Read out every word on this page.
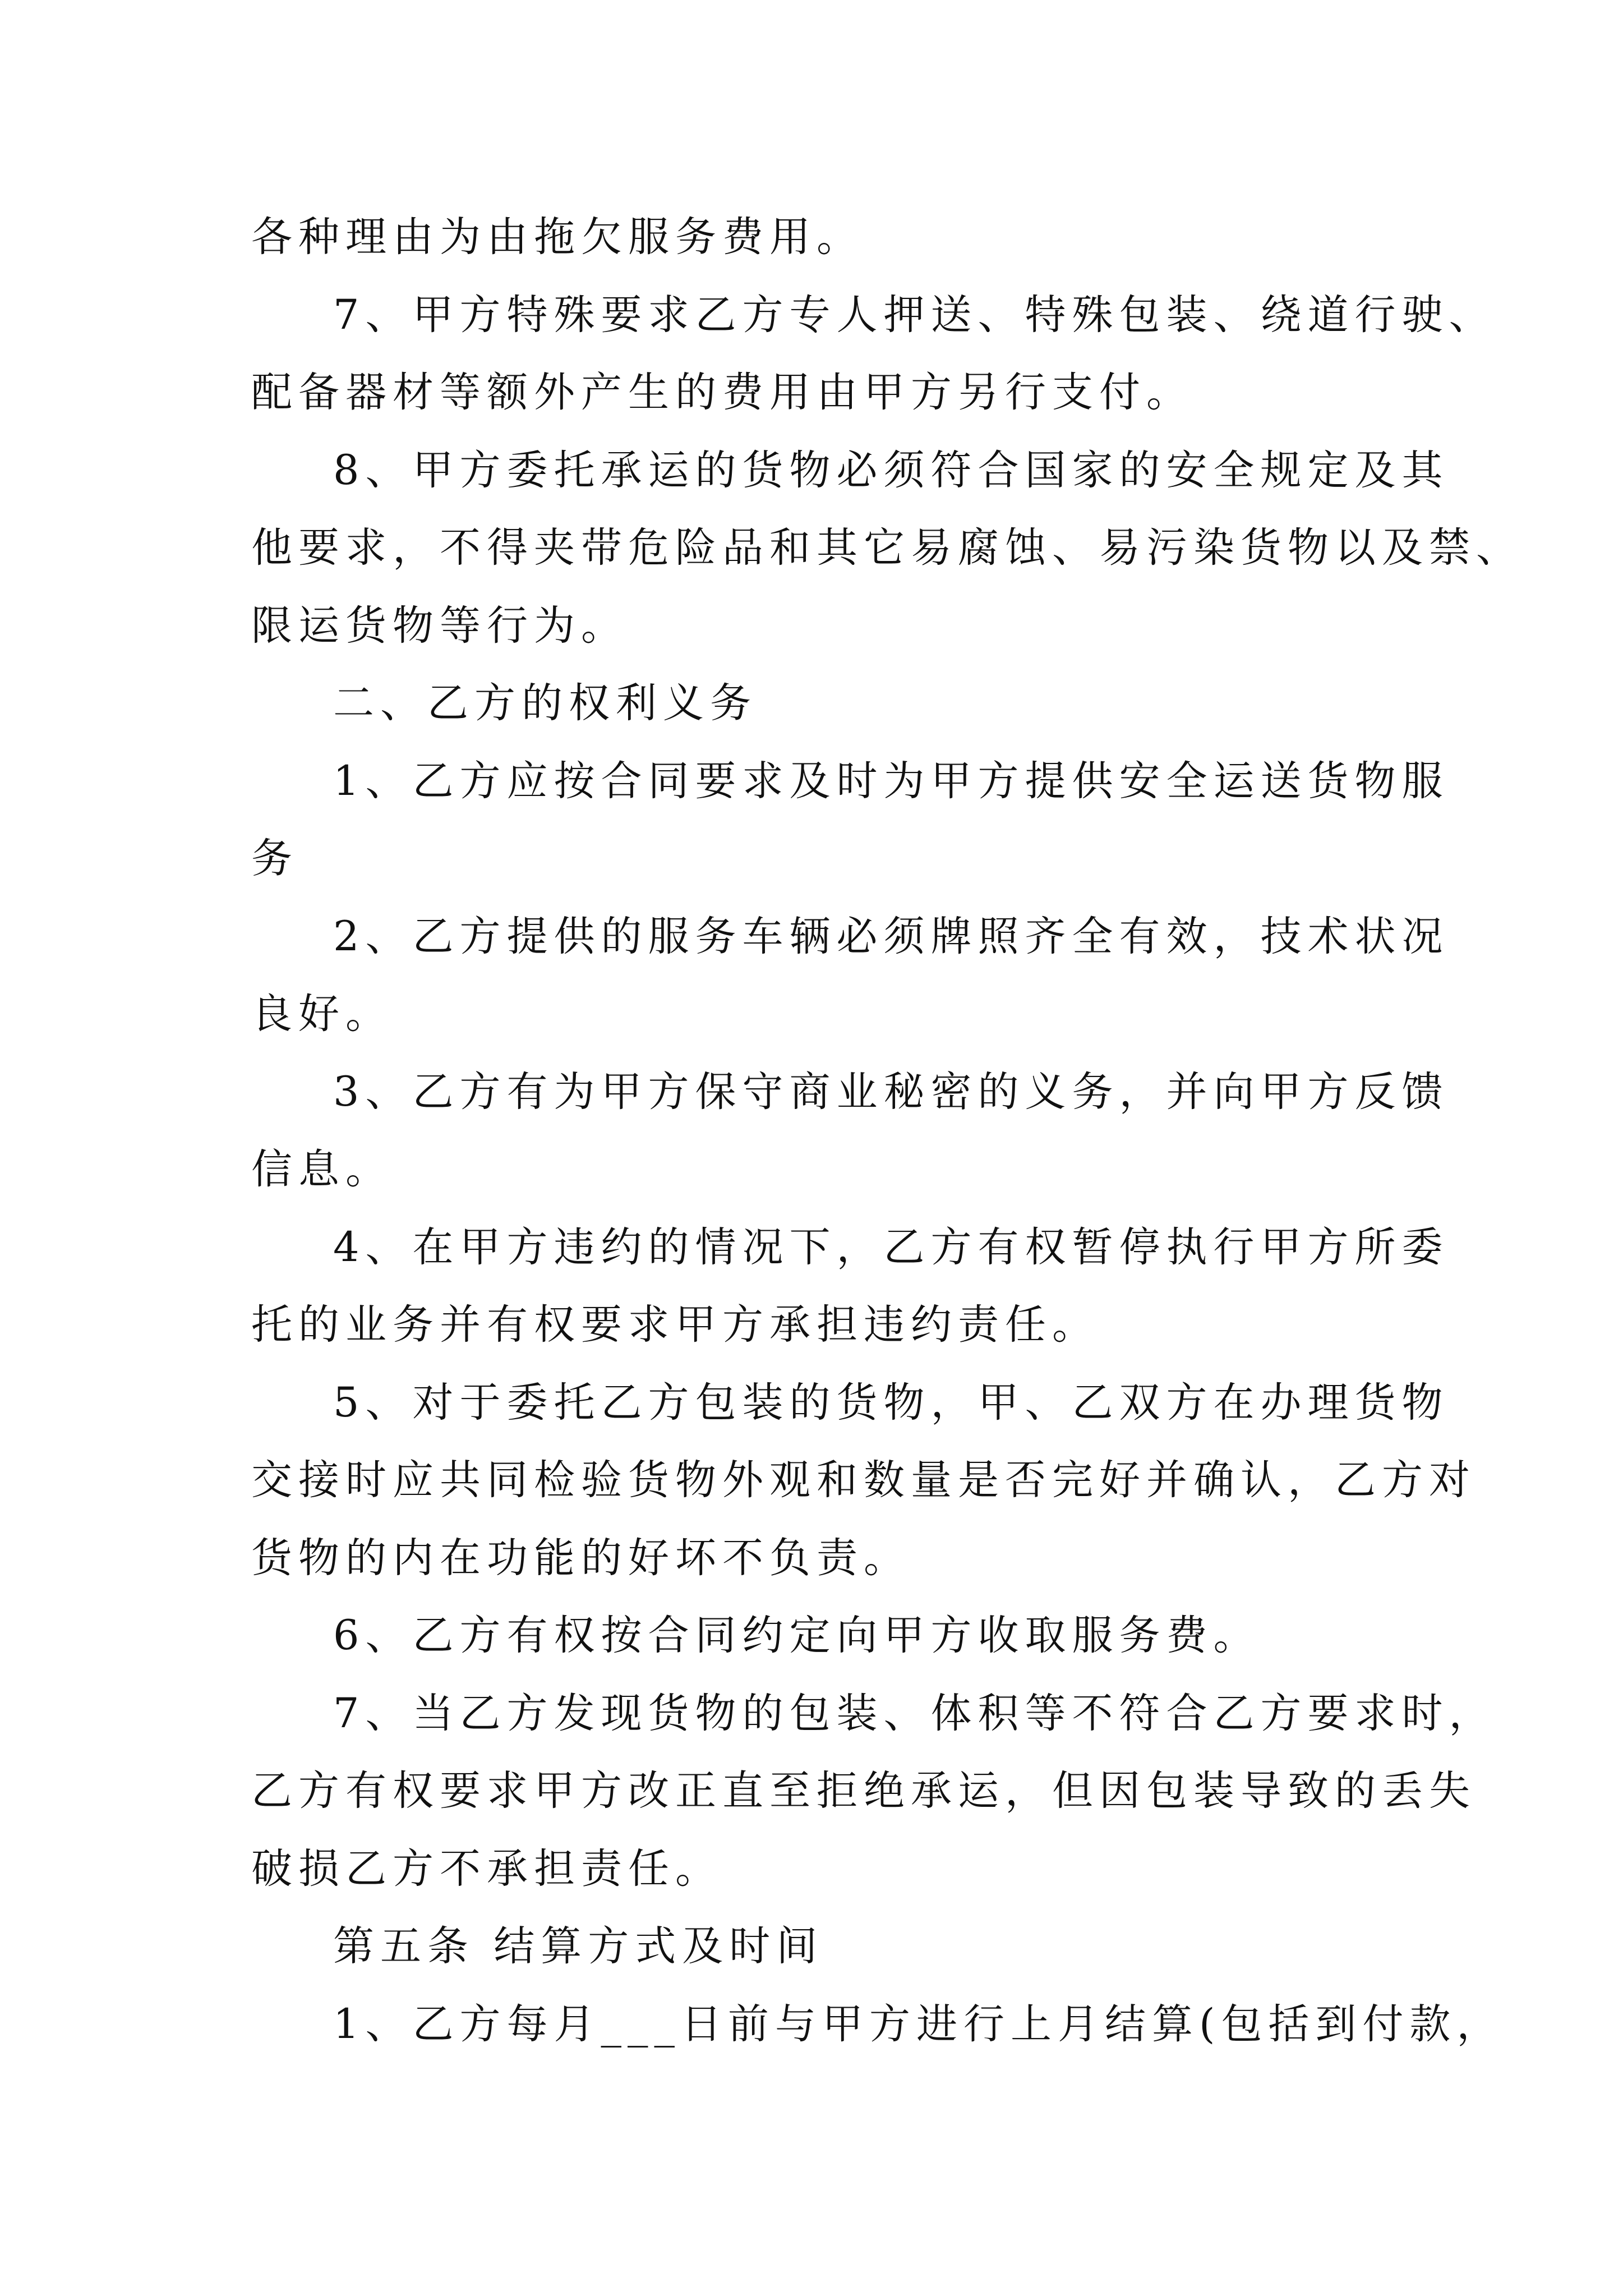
各种理由为由拖欠服务费用。
7、甲方特殊要求乙方专人押送、特殊包装、绕道行驶、
配备器材等额外产生的费用由甲方另行支付。
8、甲方委托承运的货物必须符合国家的安全规定及其
他要求，不得夹带危险品和其它易腐蚀、易污染货物以及禁、
限运货物等行为。
二、乙方的权利义务
1、乙方应按合同要求及时为甲方提供安全运送货物服
务
2、乙方提供的服务车辆必须牌照齐全有效，技术状况
良好。
3、乙方有为甲方保守商业秘密的义务，并向甲方反馈
信息。
4、在甲方违约的情况下，乙方有权暂停执行甲方所委
托的业务并有权要求甲方承担违约责任。
5、对于委托乙方包装的货物，甲、乙双方在办理货物
交接时应共同检验货物外观和数量是否完好并确认，乙方对
货物的内在功能的好坏不负责。
6、乙方有权按合同约定向甲方收取服务费。
7、当乙方发现货物的包装、体积等不符合乙方要求时，
乙方有权要求甲方改正直至拒绝承运，但因包装导致的丢失
破损乙方不承担责任。
第五条 结算方式及时间
1、乙方每月___日前与甲方进行上月结算(包括到付款，
